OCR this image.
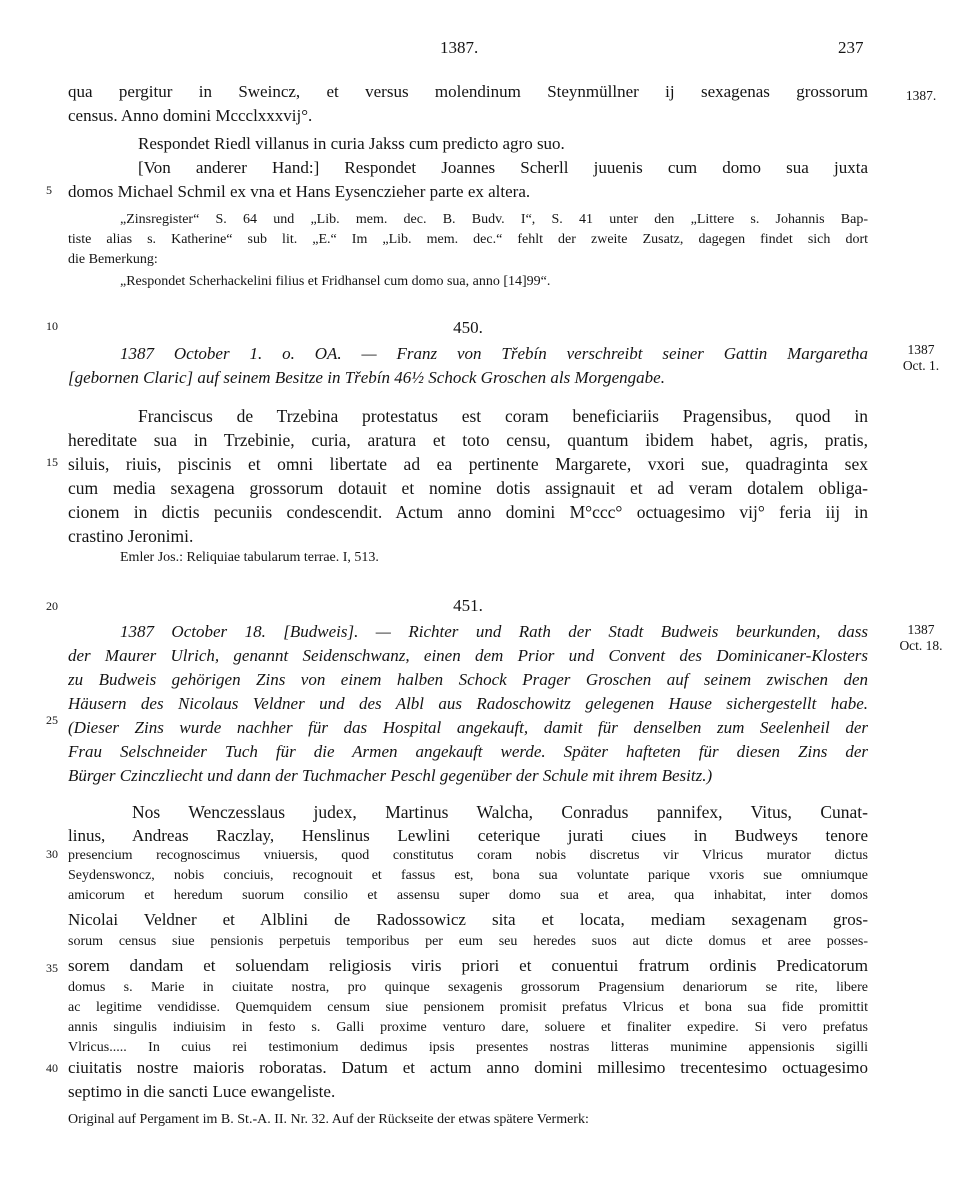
1387.	237
1387.
1387
Oct. 1.
1387
Oct. 18.
5
10
15
20
25
30
35
40
qua pergitur in Sweincz, et versus molendinum Steynmüllner ij sexagenas grossorum
census. Anno domini Mccclxxxvij°.
Respondet Riedl villanus in curia Jakss cum predicto agro suo.
[Von anderer Hand:] Respondet Joannes Scherll juuenis cum domo sua juxta
domos Michael Schmil ex vna et Hans Eysenczieher parte ex altera.
„Zinsregister“ S. 64 und „Lib. mem. dec. B. Budv. I“, S. 41 unter den „Littere s. Johannis Bap-
tiste alias s. Katherine“ sub lit. „E.“ Im „Lib. mem. dec.“ fehlt der zweite Zusatz, dagegen findet sich dort
die Bemerkung:
„Respondet Scherhackelini filius et Fridhansel cum domo sua, anno [14]99“.
450.
1387 October 1. o. OA. — Franz von Třebín verschreibt seiner Gattin Margaretha
[gebornen Claric] auf seinem Besitze in Třebín 46½ Schock Groschen als Morgengabe.
Franciscus de Trzebina protestatus est coram beneficiariis Pragensibus, quod in
hereditate sua in Trzebinie, curia, aratura et toto censu, quantum ibidem habet, agris, pratis,
siluis, riuis, piscinis et omni libertate ad ea pertinente Margarete, vxori sue, quadraginta sex
cum media sexagena grossorum dotauit et nomine dotis assignauit et ad veram dotalem obliga-
cionem in dictis pecuniis condescendit. Actum anno domini M°ccc° octuagesimo vij° feria iij in
crastino Jeronimi.
Emler Jos.: Reliquiae tabularum terrae. I, 513.
451.
1387 October 18. [Budweis]. — Richter und Rath der Stadt Budweis beurkunden, dass
der Maurer Ulrich, genannt Seidenschwanz, einen dem Prior und Convent des Dominicaner-Klosters
zu Budweis gehörigen Zins von einem halben Schock Prager Groschen auf seinem zwischen den
Häusern des Nicolaus Veldner und des Albl aus Radoschowitz gelegenen Hause sichergestellt habe.
(Dieser Zins wurde nachher für das Hospital angekauft, damit für denselben zum Seelenheil der
Frau Selschneider Tuch für die Armen angekauft werde. Später hafteten für diesen Zins der
Bürger Czinczliecht und dann der Tuchmacher Peschl gegenüber der Schule mit ihrem Besitz.)
Nos Wenczesslaus judex, Martinus Walcha, Conradus pannifex, Vitus, Cunat-
linus, Andreas Raczlay, Henslinus Lewlini ceterique jurati ciues in Budweys tenore
presencium recognoscimus vniuersis, quod constitutus coram nobis discretus vir Vlricus murator dictus
Seydenswoncz, nobis conciuis, recognouit et fassus est, bona sua voluntate parique vxoris sue omniumque
amicorum et heredum suorum consilio et assensu super domo sua et area, qua inhabitat, inter domos
Nicolai Veldner et Alblini de Radossowicz sita et locata, mediam sexagenam gros-
sorum census siue pensionis perpetuis temporibus per eum seu heredes suos aut dicte domus et aree posses-
sorem dandam et soluendam religiosis viris priori et conuentui fratrum ordinis Predicatorum
domus s. Marie in ciuitate nostra, pro quinque sexagenis grossorum Pragensium denariorum se rite, libere
ac legitime vendidisse. Quemquidem censum siue pensionem promisit prefatus Vlricus et bona sua fide promittit
annis singulis indiuisim in festo s. Galli proxime venturo dare, soluere et finaliter expedire. Si vero prefatus
Vlricus..... In cuius rei testimonium dedimus ipsis presentes nostras litteras munimine appensionis sigilli
ciuitatis nostre maioris roboratas. Datum et actum anno domini millesimo trecentesimo octuagesimo
septimo in die sancti Luce ewangeliste.
Original auf Pergament im B. St.-A. II. Nr. 32. Auf der Rückseite der etwas spätere Vermerk:
